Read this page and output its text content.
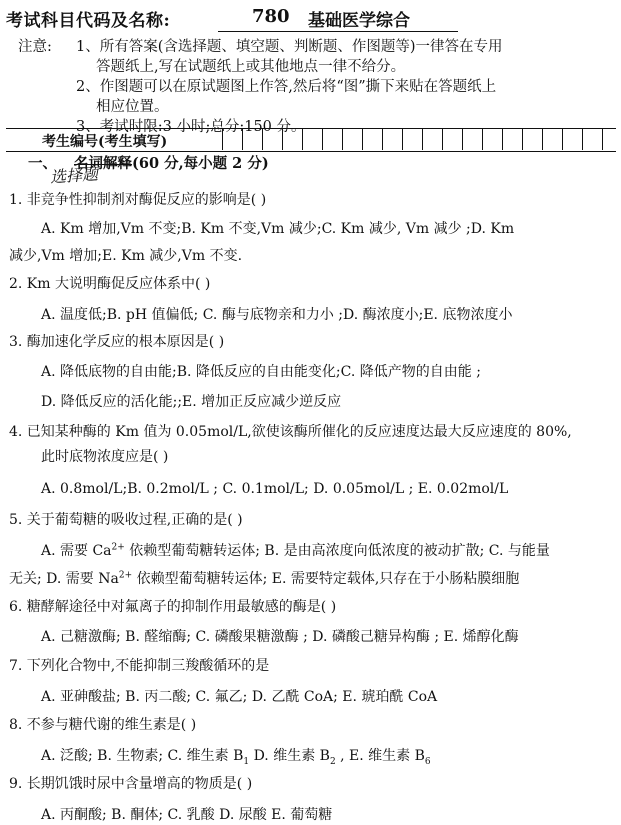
考试科目代码及名称:	780 基础医学综合
注意: 1、所有答案(含选择题、填空题、判断题、作图题等)一律答在专用
答题纸上,写在试题纸上或其他地点一律不给分。
2、作图题可以在原试题图上作答,然后将“图”撕下来贴在答题纸上
相应位置。
3、考试时限:3 小时;总分:150 分。
考生编号(考生填写)
一、 名词解释
(60 分,每小题 2 分)
选择题
1. 非竞争性抑制剂对酶促反应的影响是( )
A. Km 增加,Vm 不变;B. Km 不变,Vm 减少;C. Km 减少, Vm 减少 ;D. Km
减少,Vm 增加;E. Km 减少,Vm 不变.
2. Km 大说明酶促反应体系中( )
A. 温度低;B. pH 值偏低; C. 酶与底物亲和力小 ;D. 酶浓度小;E. 底物浓度小
3. 酶加速化学反应的根本原因是( )
A. 降低底物的自由能;B. 降低反应的自由能变化;C. 降低产物的自由能 ;
D. 降低反应的活化能;;E. 增加正反应减少逆反应
4. 已知某种酶的 Km 值为 0.05mol/L,欲使该酶所催化的反应速度达最大反应速度的 80%,
此时底物浓度应是( )
A. 0.8mol/L;B. 0.2mol/L ; C. 0.1mol/L; D. 0.05mol/L ; E. 0.02mol/L
5. 关于葡萄糖的吸收过程,正确的是( )
A. 需要 $Ca^{2+}$ 依赖型葡萄糖转运体; B. 是由高浓度向低浓度的被动扩散; C. 与能量
无关; D. 需要 $Na^{2+}$ 依赖型葡萄糖转运体; E. 需要特定载体,只存在于小肠粘膜细胞
6. 糖酵解途径中对氟离子的抑制作用最敏感的酶是( )
A. 己糖激酶; B. 醛缩酶; C. 磷酸果糖激酶 ; D. 磷酸己糖异构酶 ; E. 烯醇化酶
7. 下列化合物中,不能抑制三羧酸循环的是
A. 亚砷酸盐; B. 丙二酸; C. 氟乙; D. 乙酰 CoA; E. 琥珀酰 CoA
8. 不参与糖代谢的维生素是( )
A. 泛酸; B. 生物素; C. 维生素 $B_1$ D. 维生素 $B_2$ , E. 维生素 $B_6$
9. 长期饥饿时尿中含量增高的物质是( )
A. 丙酮酸; B. 酮体; C. 乳酸 D. 尿酸 E. 葡萄糖
